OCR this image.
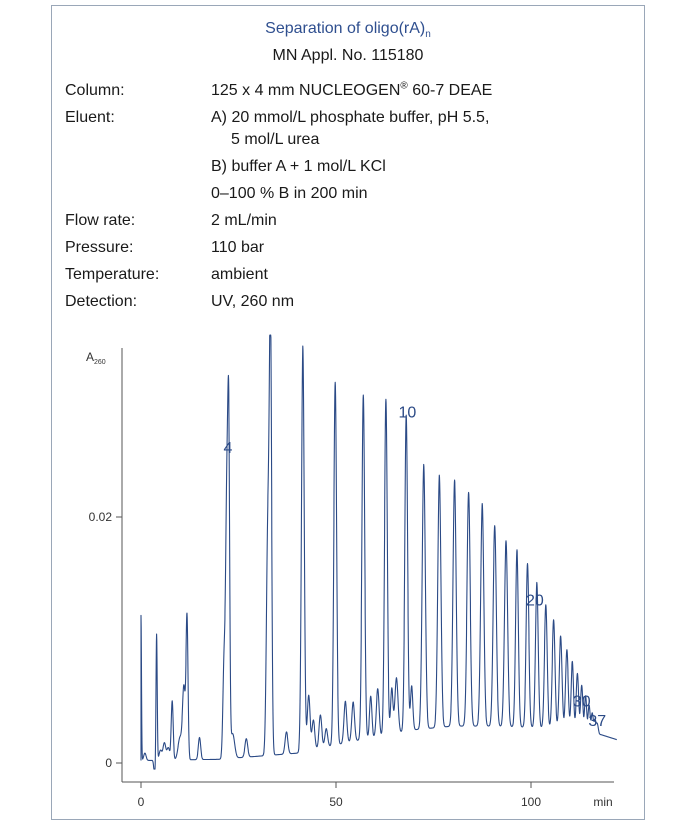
Separation of $oligo(rA)_n$
MN Appl. No. 115180
Column:	125 x 4 mm NUCLEOGEN® 60-7 DEAE
Eluent:	A) 20 mmol/L phosphate buffer, pH 5.5,
5 mol/L urea
B) buffer A + 1 mol/L KCl
0–100 % B in 200 min
Flow rate:	2 mL/min
Pressure:	110 bar
Temperature:	ambient
Detection:	UV, 260 nm
$A_{260}$
0
0.02
0	50	100	min
4
10
20
30
37
